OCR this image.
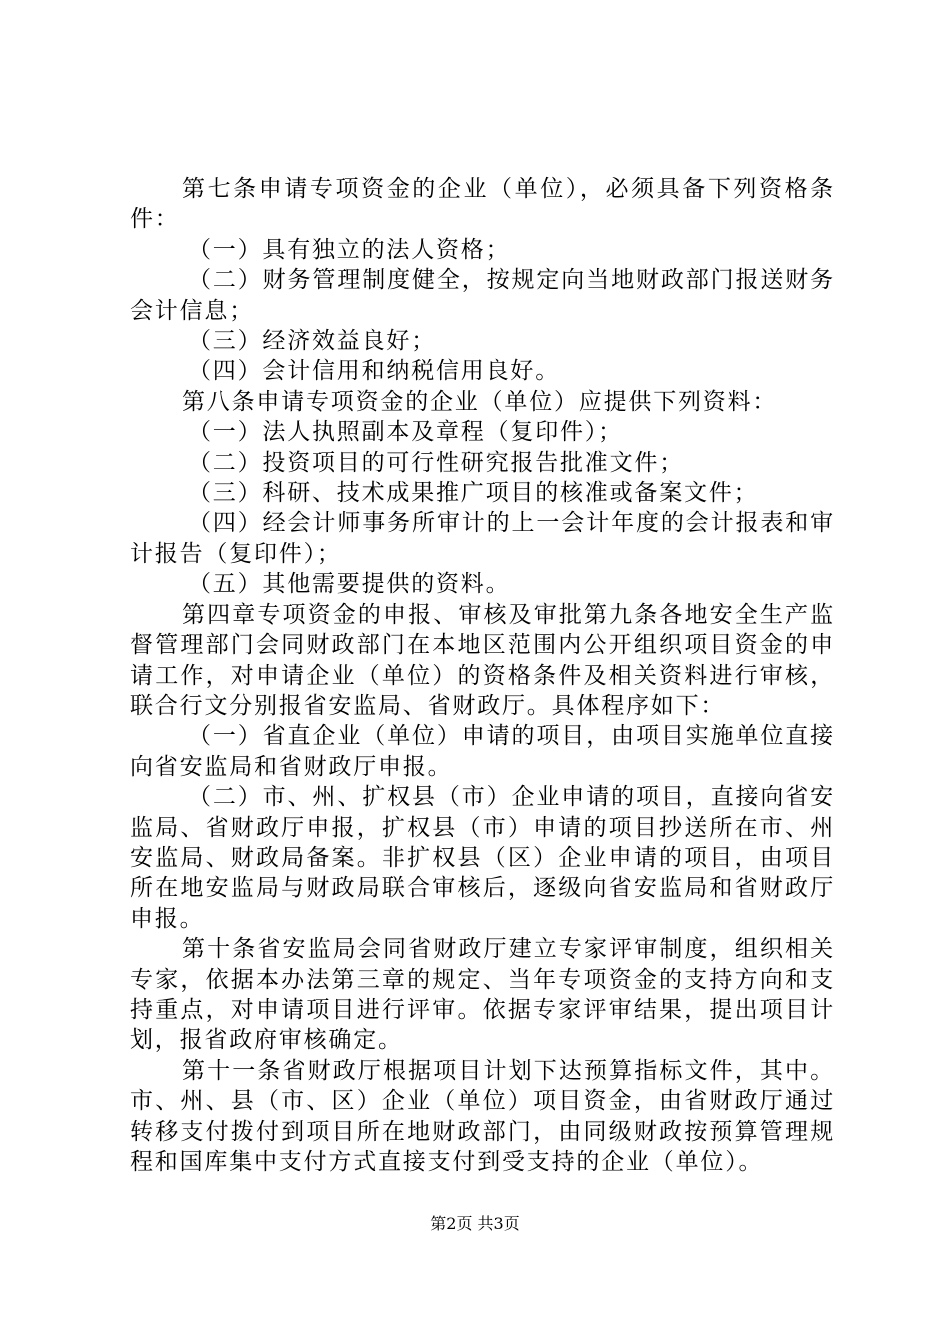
第七条申请专项资金的企业（单位），必须具备下列资格条件：

（一）具有独立的法人资格；

（二）财务管理制度健全，按规定向当地财政部门报送财务会计信息；

（三）经济效益良好；

（四）会计信用和纳税信用良好。

第八条申请专项资金的企业（单位）应提供下列资料：

（一）法人执照副本及章程（复印件）；

（二）投资项目的可行性研究报告批准文件；

（三）科研、技术成果推广项目的核准或备案文件；

（四）经会计师事务所审计的上一会计年度的会计报表和审计报告（复印件）；

（五）其他需要提供的资料。

第四章专项资金的申报、审核及审批第九条各地安全生产监督管理部门会同财政部门在本地区范围内公开组织项目资金的申请工作，对申请企业（单位）的资格条件及相关资料进行审核，联合行文分别报省安监局、省财政厅。具体程序如下：

（一）省直企业（单位）申请的项目，由项目实施单位直接向省安监局和省财政厅申报。

（二）市、州、扩权县（市）企业申请的项目，直接向省安监局、省财政厅申报，扩权县（市）申请的项目抄送所在市、州安监局、财政局备案。非扩权县（区）企业申请的项目，由项目所在地安监局与财政局联合审核后，逐级向省安监局和省财政厅申报。

第十条省安监局会同省财政厅建立专家评审制度，组织相关专家，依据本办法第三章的规定、当年专项资金的支持方向和支持重点，对申请项目进行评审。依据专家评审结果，提出项目计划，报省政府审核确定。

第十一条省财政厅根据项目计划下达预算指标文件，其中。市、州、县（市、区）企业（单位）项目资金，由省财政厅通过转移支付拨付到项目所在地财政部门，由同级财政按预算管理规程和国库集中支付方式直接支付到受支持的企业（单位）。

第2页 共3页
